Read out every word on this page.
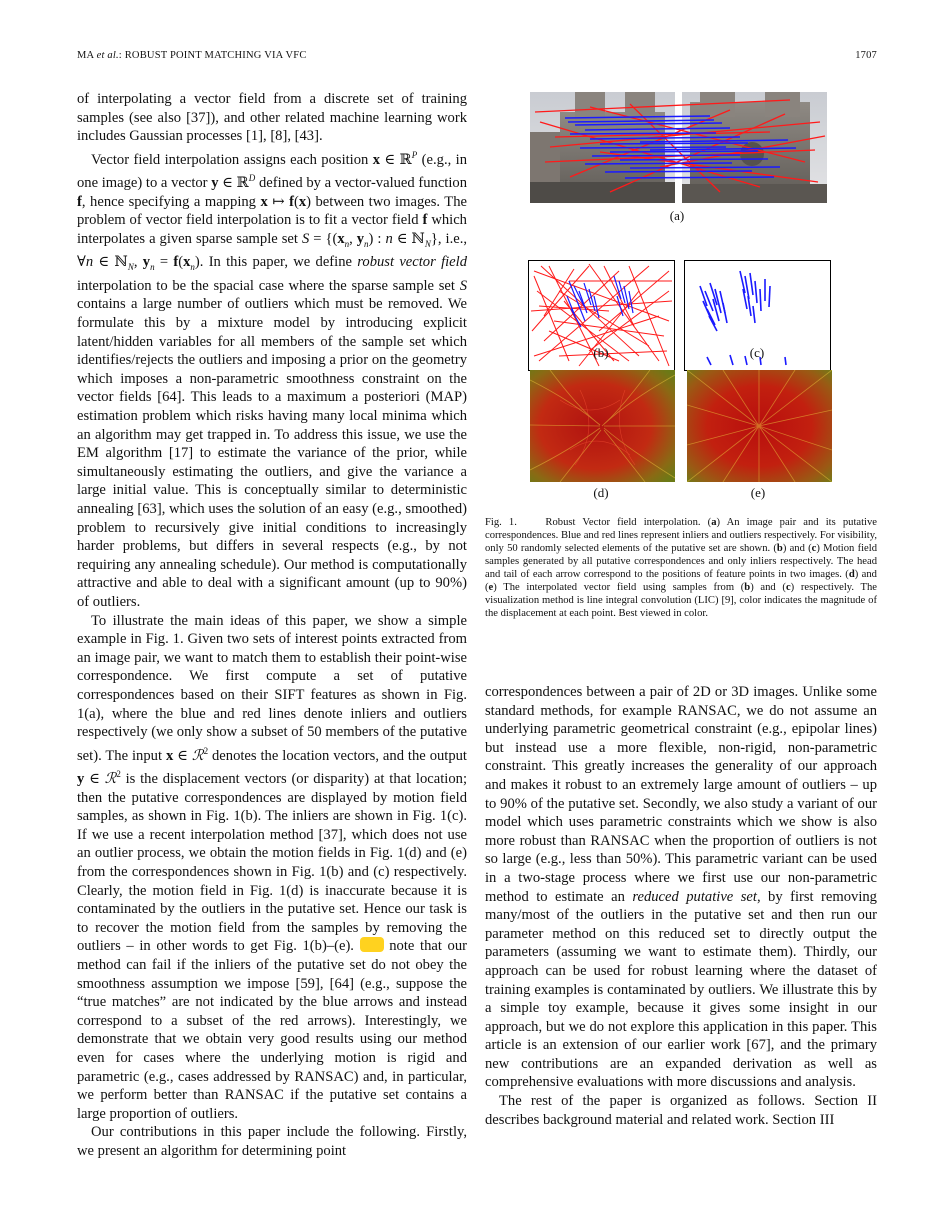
MA et al.: ROBUST POINT MATCHING VIA VFC	1707

of interpolating a vector field from a discrete set of training samples (see also [37]), and other related machine learning work includes Gaussian processes [1], [8], [43].

Vector field interpolation assigns each position x ∈ ℝ$^P$ (e.g., in one image) to a vector y ∈ ℝ$^D$ defined by a vector-valued function f, hence specifying a mapping x ↦ f(x) between two images. The problem of vector field interpolation is to fit a vector field f which interpolates a given sparse sample set $S = \{(x_n$, $y_n$) : n ∈ ℕ$_N$}, i.e., ∀n ∈ ℕ$_N$, $y_n = f(x_n)$. In this paper, we define robust vector field interpolation to be the spacial case where the sparse sample set S contains a large number of outliers which must be removed. We formulate this by a mixture model by introducing explicit latent/hidden variables for all members of the sample set which identifies/rejects the outliers and imposing a prior on the geometry which imposes a non-parametric smoothness constraint on the vector fields [64]. This leads to a maximum a posteriori (MAP) estimation problem which risks having many local minima which an algorithm may get trapped in. To address this issue, we use the EM algorithm [17] to estimate the variance of the prior, while simultaneously estimating the outliers, and give the variance a large initial value. This is conceptually similar to deterministic annealing [63], which uses the solution of an easy (e.g., smoothed) problem to recursively give initial conditions to increasingly harder problems, but differs in several respects (e.g., by not requiring any annealing schedule). Our method is computationally attractive and able to deal with a significant amount (up to 90%) of outliers.

To illustrate the main ideas of this paper, we show a simple example in Fig. 1. Given two sets of interest points extracted from an image pair, we want to match them to establish their point-wise correspondence. We first compute a set of putative correspondences based on their SIFT features as shown in Fig. 1(a), where the blue and red lines denote inliers and outliers respectively (we only show a subset of 50 members of the putative set). The input x ∈ ℛ$^2$ denotes the location vectors, and the output y ∈ ℛ$^2$ is the displacement vectors (or disparity) at that location; then the putative correspondences are displayed by motion field samples, as shown in Fig. 1(b). The inliers are shown in Fig. 1(c). If we use a recent interpolation method [37], which does not use an outlier process, we obtain the motion fields in Fig. 1(d) and (e) from the correspondences shown in Fig. 1(b) and (c) respectively. Clearly, the motion field in Fig. 1(d) is inaccurate because it is contaminated by the outliers in the putative set. Hence our task is to recover the motion field from the samples by removing the outliers – in other words to get Fig. 1(b)–(e).  note that our method can fail if the inliers of the putative set do not obey the smoothness assumption we impose [59], [64] (e.g., suppose the “true matches” are not indicated by the blue arrows and instead correspond to a subset of the red arrows). Interestingly, we demonstrate that we obtain very good results using our method even for cases where the underlying motion is rigid and parametric (e.g., cases addressed by RANSAC) and, in particular, we perform better than RANSAC if the putative set contains a large proportion of outliers.

Our contributions in this paper include the following. Firstly, we present an algorithm for determining point

(a)
(b)	(c)
(d)	(e)
Fig. 1.    Robust Vector field interpolation. (a) An image pair and its putative correspondences. Blue and red lines represent inliers and outliers respectively. For visibility, only 50 randomly selected elements of the putative set are shown. (b) and (c) Motion field samples generated by all putative correspondences and only inliers respectively. The head and tail of each arrow correspond to the positions of feature points in two images. (d) and (e) The interpolated vector field using samples from (b) and (c) respectively. The visualization method is line integral convolution (LIC) [9], color indicates the magnitude of the displacement at each point. Best viewed in color.

correspondences between a pair of 2D or 3D images. Unlike some standard methods, for example RANSAC, we do not assume an underlying parametric geometrical constraint (e.g., epipolar lines) but instead use a more flexible, non-rigid, non-parametric constraint. This greatly increases the generality of our approach and makes it robust to an extremely large amount of outliers – up to 90% of the putative set. Secondly, we also study a variant of our model which uses parametric constraints which we show is also more robust than RANSAC when the proportion of outliers is not so large (e.g., less than 50%). This parametric variant can be used in a two-stage process where we first use our non-parametric method to estimate an reduced putative set, by first removing many/most of the outliers in the putative set and then run our parameter method on this reduced set to directly output the parameters (assuming we want to estimate them). Thirdly, our approach can be used for robust learning where the dataset of training examples is contaminated by outliers. We illustrate this by a simple toy example, because it gives some insight in our approach, but we do not explore this application in this paper. This article is an extension of our earlier work [67], and the primary new contributions are an expanded derivation as well as comprehensive evaluations with more discussions and analysis.

The rest of the paper is organized as follows. Section II describes background material and related work. Section III
